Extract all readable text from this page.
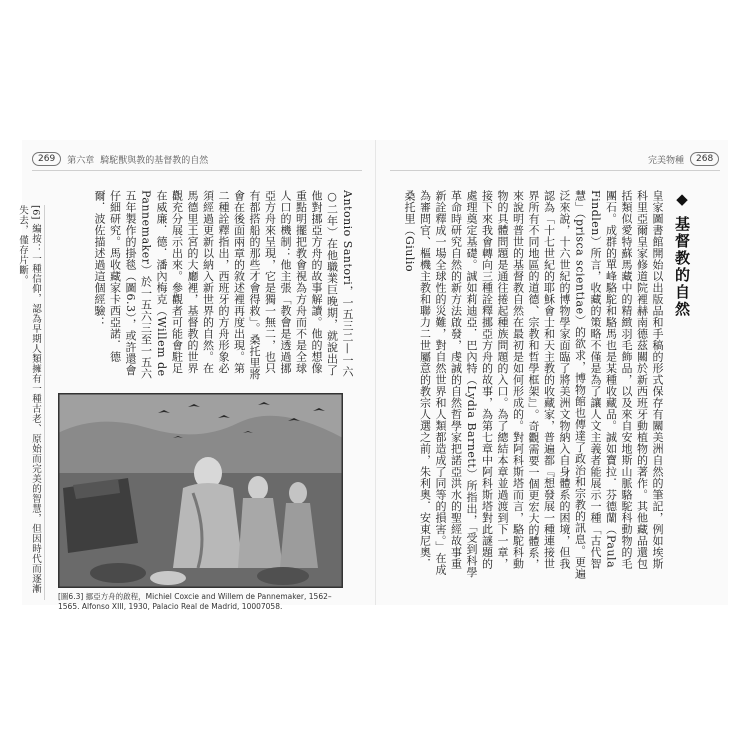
269	第六章 騎駝獸與教的基督教的自然	完美物種	268
◆基督教的自然
皇家圖書館開始以出版品和手稿的形式保存有關美洲自然的筆記，例如埃斯科里亞爾皇家修道院裡赫南德茲關於新西班牙動植物的著作。其他藏品還包括類似愛特蘇馬藏中的精緻羽毛飾品，以及來自安地斯山脈駱駝科動物的毛團石。成群的單峰駱駝和駱馬也是某種收藏品。誠如寶拉．芬德蘭（Paula Findlen）所言，收藏的策略不僅是為了讓人文主義者能展示一種「古代智慧」（prisca scientiae）的欲求，博物館也傳達了政治和宗教的訊息。更遍泛來說，十六世紀的博物學家面臨了將美洲文物納入自身體系的困境，但我認為「十七世紀的耶穌會士和天主教的收藏家，普遍都『想發展一種連接世界所有不同地區的道德、宗教和哲學框架』」。奇觀需要一個更宏大的體系，來說明普世的基督教自然在最初是如何形成的。對阿科斯塔而言，駱駝科動物的具體問題是通往捲起種族問題的入口。為了總結本章並過渡到下一章，接下來我會轉向三種詮釋挪亞方舟的故事，為第七章中阿科斯塔對此謎題的處理奠定基礎。誠如莉迪亞．巴內特（Lydia Barnett）所指出，「受到科學革命時研究自然的新方法啟發，虔誠的自然哲學家把諾亞洪水的聖經故事重新詮釋成一場全球性的災難，對自然世界和人類都造成了同等的損害。」在成為審問官、樞機主教和聯力二世屬意的教宗人選之前，朱利奧．安東尼奧．桑托里（Giulio
Antonio Santori，一五三二—一六○二年）在他職業巨晚期，就說出了他對挪亞方舟的故事解讀。他的想像重點明擺把教會視為方舟而不是全球人口的機制：他主張「教會是透過挪亞方舟來呈現，它是獨一無二，也只有都搭船的那些才會得救」。桑托里將會在後面兩章的敘述裡再度出現。第二種詮釋指出，西班牙的方舟形象必須經過更新以納入新世界的自然。在馬德里王宮的大廳裡，基督教的世界觀充分展示出來。參觀者可能會駐足在威廉．德．潘內梅克（Willem de Pannemaker）於一五六三至一五六五年製作的掛毯（圖6.3），或許還會仔細研究。馬收藏家卡西亞諾．德爾．波佐描述過這個經驗：
[6] 編按：一種信仰，認為早期人類擁有一種古老、原始而完美的智慧，但因時代而逐漸失去，僅存片斷。
[圖6.3] 挪亞方舟的啟程，Michiel Coxcie and Willem de Pannemaker, 1562–1565. Alfonso XIII, 1930, Palacio Real de Madrid, 10007058.
